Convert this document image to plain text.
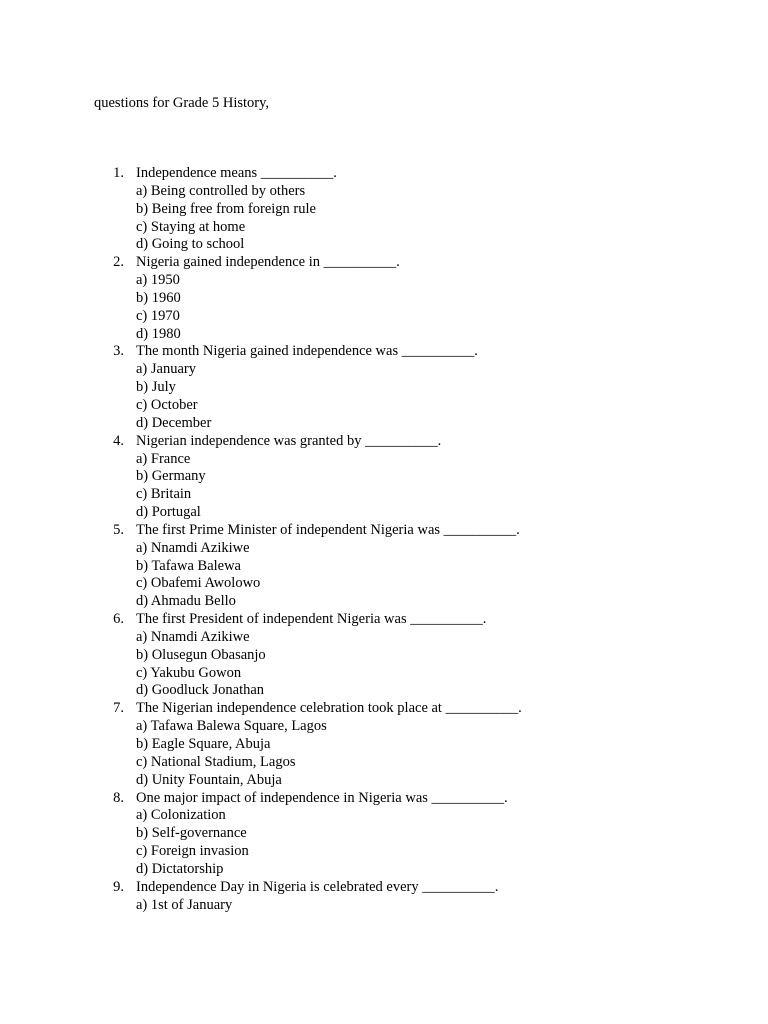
questions for Grade 5 History,
1. Independence means __________.
a) Being controlled by others
b) Being free from foreign rule
c) Staying at home
d) Going to school
2. Nigeria gained independence in __________.
a) 1950
b) 1960
c) 1970
d) 1980
3. The month Nigeria gained independence was __________.
a) January
b) July
c) October
d) December
4. Nigerian independence was granted by __________.
a) France
b) Germany
c) Britain
d) Portugal
5. The first Prime Minister of independent Nigeria was __________.
a) Nnamdi Azikiwe
b) Tafawa Balewa
c) Obafemi Awolowo
d) Ahmadu Bello
6. The first President of independent Nigeria was __________.
a) Nnamdi Azikiwe
b) Olusegun Obasanjo
c) Yakubu Gowon
d) Goodluck Jonathan
7. The Nigerian independence celebration took place at __________.
a) Tafawa Balewa Square, Lagos
b) Eagle Square, Abuja
c) National Stadium, Lagos
d) Unity Fountain, Abuja
8. One major impact of independence in Nigeria was __________.
a) Colonization
b) Self-governance
c) Foreign invasion
d) Dictatorship
9. Independence Day in Nigeria is celebrated every __________.
a) 1st of January
